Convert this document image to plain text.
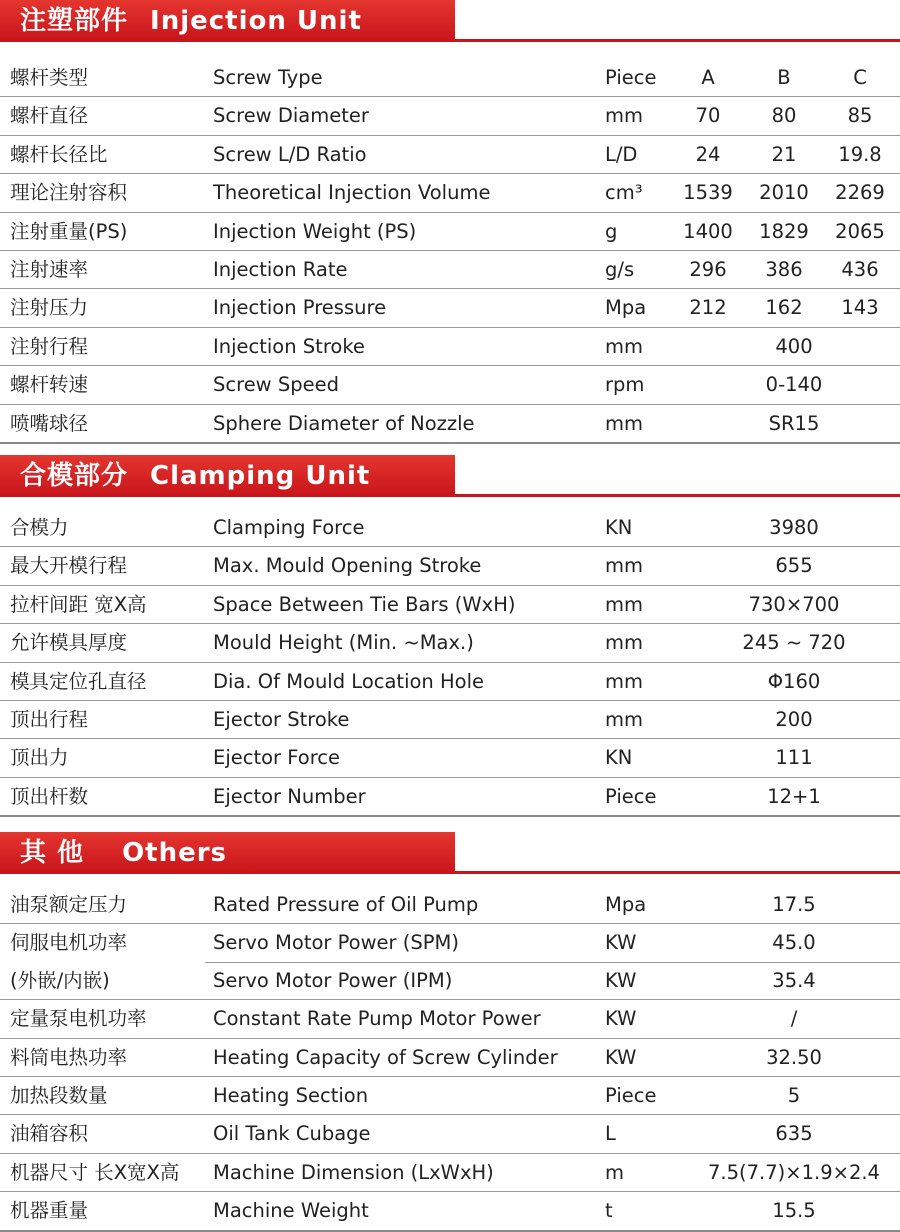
注塑部件 Injection Unit
螺杆类型	Screw Type	Piece	A	B	C
螺杆直径	Screw Diameter	mm	70	80	85
螺杆长径比	Screw L/D Ratio	L/D	24	21	19.8
理论注射容积	Theoretical Injection Volume	cm³	1539	2010	2269
注射重量(PS)	Injection Weight (PS)	g	1400	1829	2065
注射速率	Injection Rate	g/s	296	386	436
注射压力	Injection Pressure	Mpa	212	162	143
注射行程	Injection Stroke	mm	400
螺杆转速	Screw Speed	rpm	0-140
喷嘴球径	Sphere Diameter of Nozzle	mm	SR15
合模部分 Clamping Unit
合模力	Clamping Force	KN	3980
最大开模行程	Max. Mould Opening Stroke	mm	655
拉杆间距 宽X高	Space Between Tie Bars (WxH)	mm	730×700
允许模具厚度	Mould Height (Min. ~Max.)	mm	245 ~ 720
模具定位孔直径	Dia. Of Mould Location Hole	mm	Φ160
顶出行程	Ejector Stroke	mm	200
顶出力	Ejector Force	KN	111
顶出杆数	Ejector Number	Piece	12+1
其 他 Others
油泵额定压力	Rated Pressure of Oil Pump	Mpa	17.5
伺服电机功率	Servo Motor Power (SPM)	KW	45.0
(外嵌/内嵌)	Servo Motor Power (IPM)	KW	35.4
定量泵电机功率	Constant Rate Pump Motor Power	KW	/
料筒电热功率	Heating Capacity of Screw Cylinder KW	32.50
加热段数量	Heating Section	Piece	5
油箱容积	Oil Tank Cubage	L	635
机器尺寸 长X宽X高 Machine Dimension (LxWxH)	m	7.5(7.7)×1.9×2.4
机器重量	Machine Weight	t	15.5
